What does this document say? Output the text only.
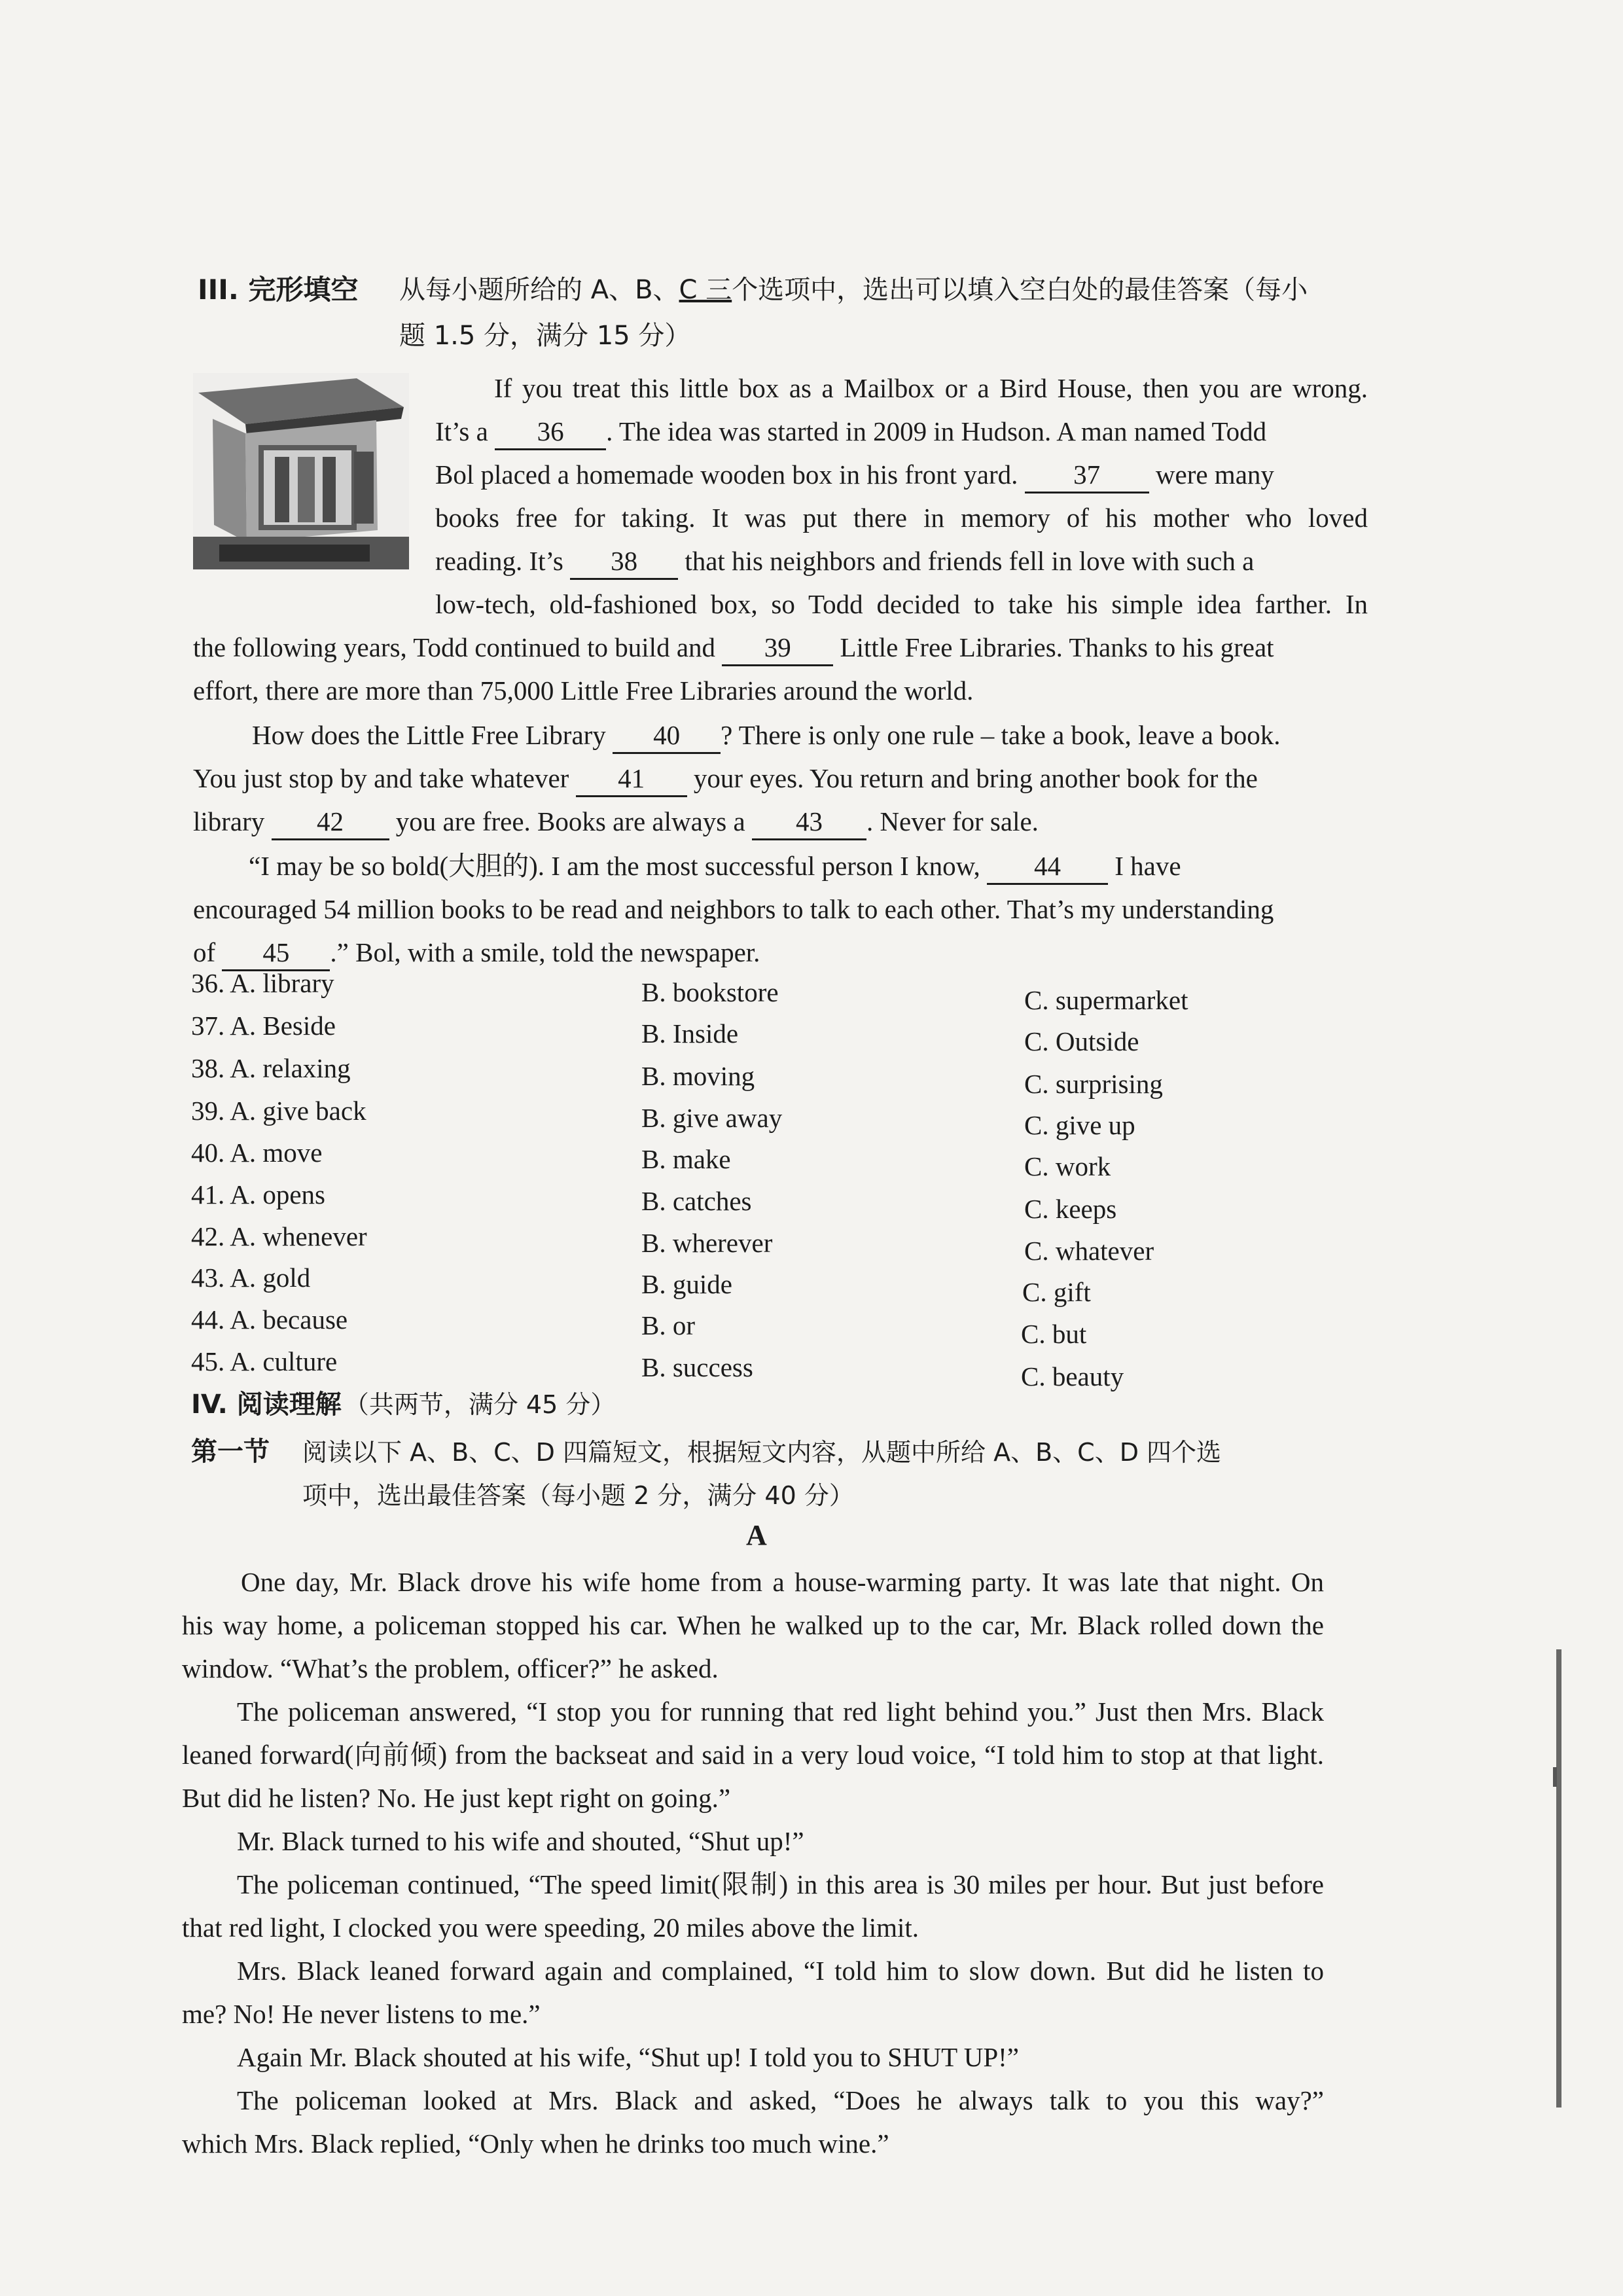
III. 完形填空 从每小题所给的 A、B、C 三个选项中，选出可以填入空白处的最佳答案（每小
题 1.5 分，满分 15 分）
If you treat this little box as a Mailbox or a Bird House, then you are wrong.
It’s a 36 . The idea was started in 2009 in Hudson. A man named Todd
Bol placed a homemade wooden box in his front yard. 37 were many
books free for taking. It was put there in memory of his mother who loved
reading. It’s 38 that his neighbors and friends fell in love with such a
low-tech, old-fashioned box, so Todd decided to take his simple idea farther. In
the following years, Todd continued to build and 39 Little Free Libraries. Thanks to his great
effort, there are more than 75,000 Little Free Libraries around the world.
How does the Little Free Library 40 ? There is only one rule – take a book, leave a book.
You just stop by and take whatever 41 your eyes. You return and bring another book for the
library 42 you are free. Books are always a 43 . Never for sale.
“I may be so bold(大胆的). I am the most successful person I know, 44 I have
encouraged 54 million books to be read and neighbors to talk to each other. That’s my understanding
of 45 .” Bol, with a smile, told the newspaper.
36. A. library	B. bookstore	C. supermarket
37. A. Beside	B. Inside	C. Outside
38. A. relaxing	B. moving	C. surprising
39. A. give back	B. give away	C. give up
40. A. move	B. make	C. work
41. A. opens	B. catches	C. keeps
42. A. whenever	B. wherever	C. whatever
43. A. gold	B. guide	C. gift
44. A. because	B. or	C. but
45. A. culture	B. success	C. beauty
IV. 阅读理解 （共两节，满分 45 分）
第一节 阅读以下 A、B、C、D 四篇短文，根据短文内容，从题中所给 A、B、C、D 四个选
项中，选出最佳答案（每小题 2 分，满分 40 分）
A
One day, Mr. Black drove his wife home from a house-warming party. It was late that night. On
his way home, a policeman stopped his car. When he walked up to the car, Mr. Black rolled down the
window. “What’s the problem, officer?” he asked.
The policeman answered, “I stop you for running that red light behind you.” Just then Mrs. Black
leaned forward(向前倾) from the backseat and said in a very loud voice, “I told him to stop at that light.
But did he listen? No. He just kept right on going.”
Mr. Black turned to his wife and shouted, “Shut up!”
The policeman continued, “The speed limit(限制) in this area is 30 miles per hour. But just before
that red light, I clocked you were speeding, 20 miles above the limit.
Mrs. Black leaned forward again and complained, “I told him to slow down. But did he listen to
me? No! He never listens to me.”
Again Mr. Black shouted at his wife, “Shut up! I told you to SHUT UP!”
The policeman looked at Mrs. Black and asked, “Does he always talk to you this way?”
which Mrs. Black replied, “Only when he drinks too much wine.”
